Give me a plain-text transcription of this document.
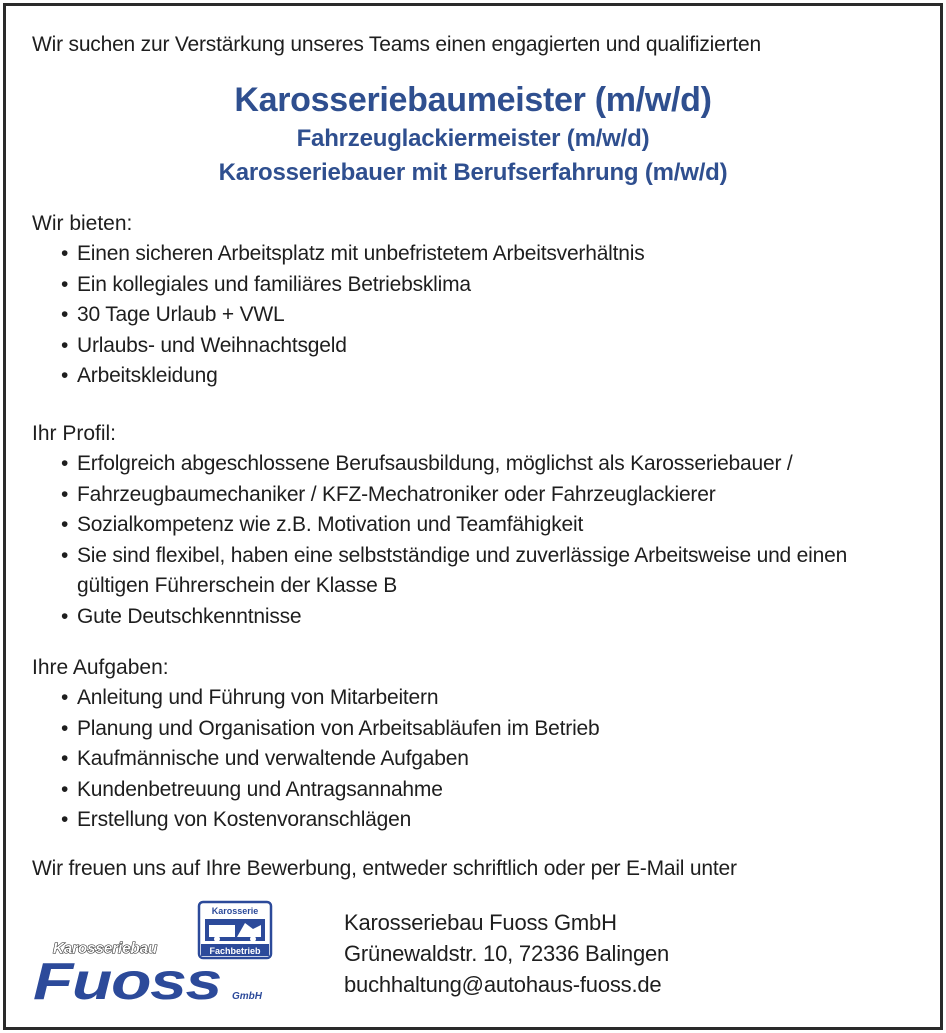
Wir suchen zur Verstärkung unseres Teams einen engagierten und qualifizierten
Karosseriebaumeister (m/w/d)
Fahrzeuglackiermeister (m/w/d)
Karosseriebauer mit Berufserfahrung (m/w/d)
Wir bieten:
• Einen sicheren Arbeitsplatz mit unbefristetem Arbeitsverhältnis
• Ein kollegiales und familiäres Betriebsklima
• 30 Tage Urlaub + VWL
• Urlaubs- und Weihnachtsgeld
• Arbeitskleidung
Ihr Profil:
• Erfolgreich abgeschlossene Berufsausbildung, möglichst als Karosseriebauer /
• Fahrzeugbaumechaniker / KFZ-Mechatroniker oder Fahrzeuglackierer
• Sozialkompetenz wie z.B. Motivation und Teamfähigkeit
• Sie sind flexibel, haben eine selbstständige und zuverlässige Arbeitsweise und einen gültigen Führerschein der Klasse B
• Gute Deutschkenntnisse
Ihre Aufgaben:
• Anleitung und Führung von Mitarbeitern
• Planung und Organisation von Arbeitsabläufen im Betrieb
• Kaufmännische und verwaltende Aufgaben
• Kundenbetreuung und Antragsannahme
• Erstellung von Kostenvoranschlägen
Wir freuen uns auf Ihre Bewerbung, entweder schriftlich oder per E-Mail unter
Karosserie
Fachbetrieb
Karosseriebau
Fuoss GmbH
Karosseriebau Fuoss GmbH
Grünewaldstr. 10, 72336 Balingen
buchhaltung@autohaus-fuoss.de
